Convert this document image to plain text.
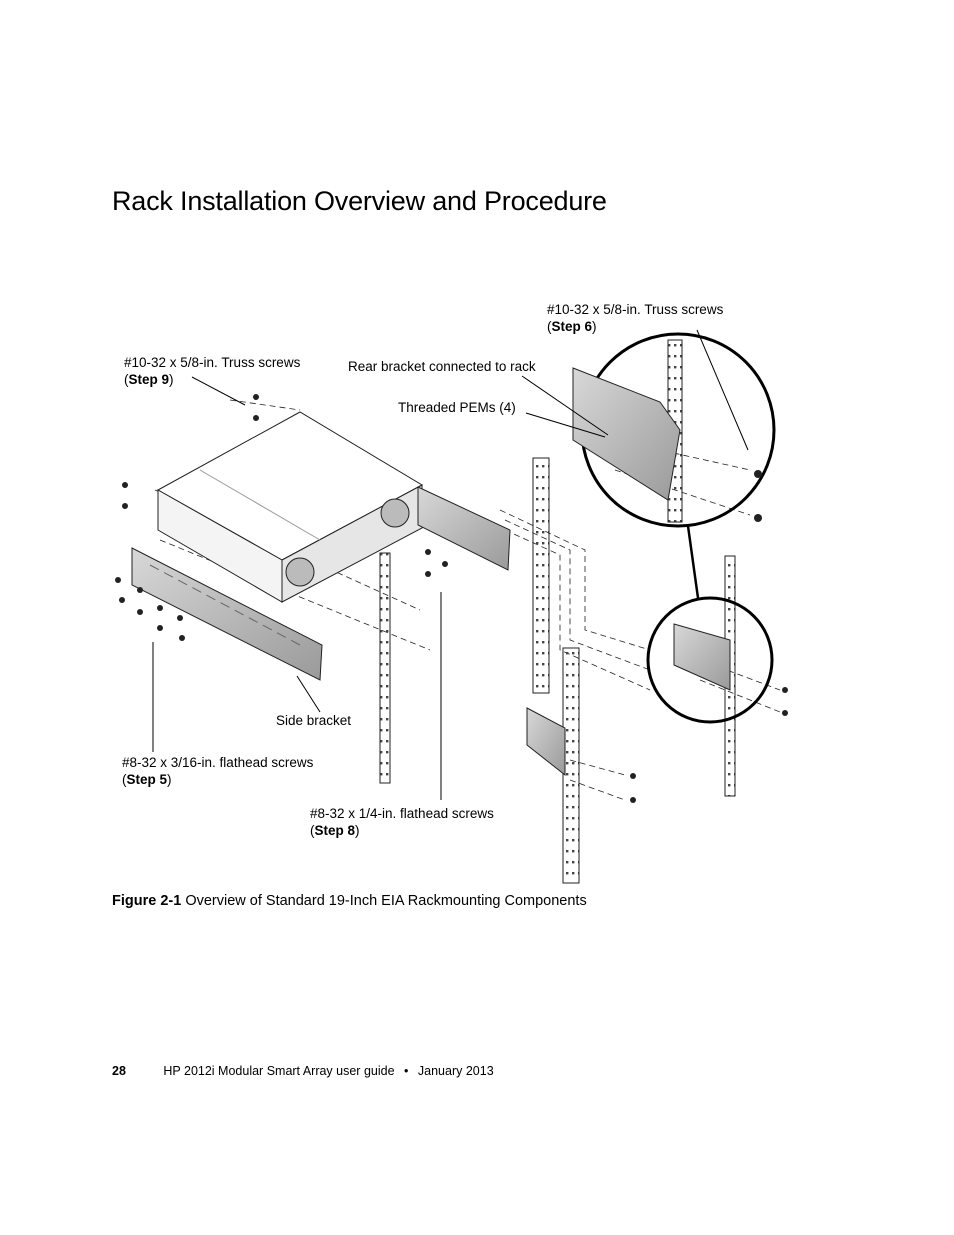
Rack Installation Overview and Procedure
#10-32 x 5/8-in. Truss screws
(Step 6)
#10-32 x 5/8-in. Truss screws
(Step 9)
Rear bracket connected to rack
Threaded PEMs (4)
Side bracket
#8-32 x 3/16-in. flathead screws
(Step 5)
#8-32 x 1/4-in. flathead screws
(Step 8)
Figure 2-1 Overview of Standard 19-Inch EIA Rackmounting Components
28	HP 2012i Modular Smart Array user guide • January 2013
